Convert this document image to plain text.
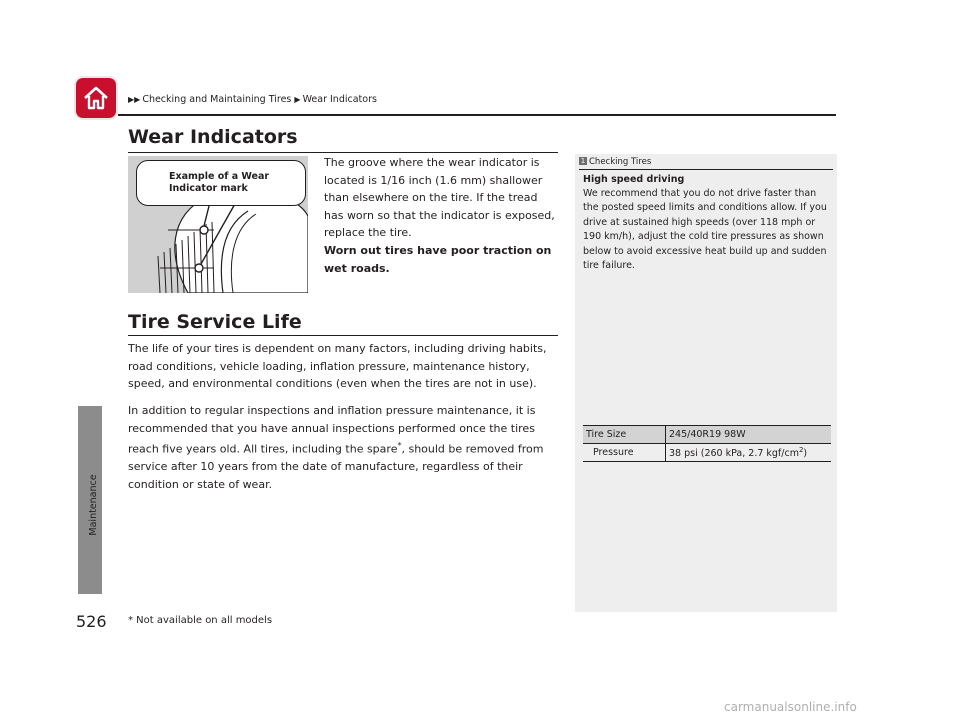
▶▶ Checking and Maintaining Tires ▶ Wear Indicators
Maintenance
Wear Indicators
Example of a Wear Indicator mark
The groove where the wear indicator is located is 1/16 inch (1.6 mm) shallower than elsewhere on the tire. If the tread has worn so that the indicator is exposed, replace the tire.
Worn out tires have poor traction on wet roads.
Tire Service Life
The life of your tires is dependent on many factors, including driving habits, road conditions, vehicle loading, inflation pressure, maintenance history, speed, and environmental conditions (even when the tires are not in use).
In addition to regular inspections and inflation pressure maintenance, it is recommended that you have annual inspections performed once the tires reach five years old. All tires, including the spare*, should be removed from service after 10 years from the date of manufacture, regardless of their condition or state of wear.
1 Checking Tires
High speed driving
We recommend that you do not drive faster than the posted speed limits and conditions allow. If you drive at sustained high speeds (over 118 mph or 190 km/h), adjust the cold tire pressures as shown below to avoid excessive heat build up and sudden tire failure.
Tire Size	245/40R19 98W
Pressure	38 psi (260 kPa, 2.7 kgf/$cm^2$)
526 * Not available on all models
carmanualsonline.info
